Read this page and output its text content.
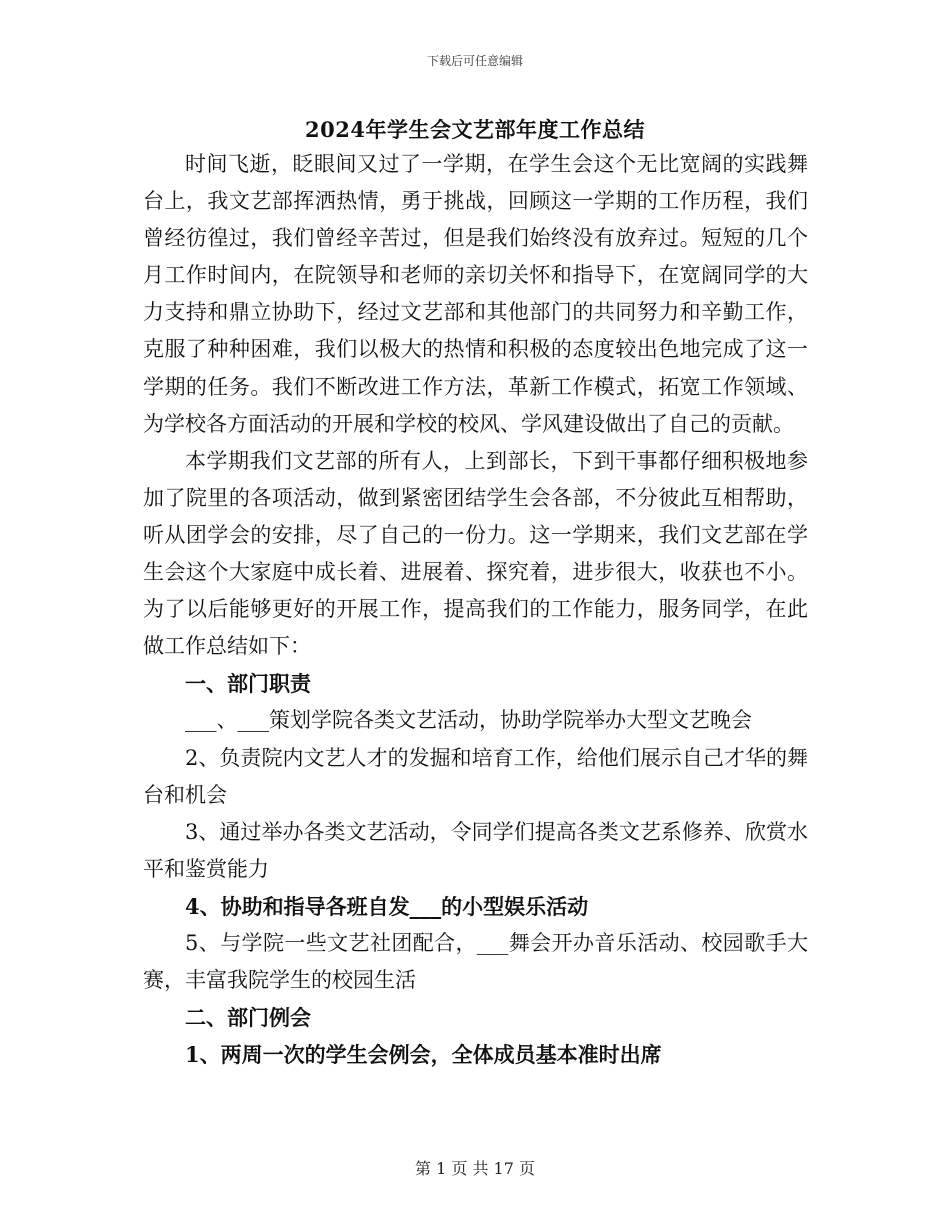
下载后可任意编辑
2024年学生会文艺部年度工作总结

时间飞逝，眨眼间又过了一学期，在学生会这个无比宽阔的实践舞台上，我文艺部挥洒热情，勇于挑战，回顾这一学期的工作历程，我们曾经彷徨过，我们曾经辛苦过，但是我们始终没有放弃过。短短的几个月工作时间内，在院领导和老师的亲切关怀和指导下，在宽阔同学的大力支持和鼎立协助下，经过文艺部和其他部门的共同努力和辛勤工作，克服了种种困难，我们以极大的热情和积极的态度较出色地完成了这一学期的任务。我们不断改进工作方法，革新工作模式，拓宽工作领域、为学校各方面活动的开展和学校的校风、学风建设做出了自己的贡献。

本学期我们文艺部的所有人，上到部长，下到干事都仔细积极地参加了院里的各项活动，做到紧密团结学生会各部，不分彼此互相帮助，听从团学会的安排，尽了自己的一份力。这一学期来，我们文艺部在学生会这个大家庭中成长着、进展着、探究着，进步很大，收获也不小。为了以后能够更好的开展工作，提高我们的工作能力，服务同学，在此做工作总结如下：

一、部门职责

___、___策划学院各类文艺活动，协助学院举办大型文艺晚会

2、负责院内文艺人才的发掘和培育工作，给他们展示自己才华的舞台和机会

3、通过举办各类文艺活动，令同学们提高各类文艺系修养、欣赏水平和鉴赏能力

4、协助和指导各班自发___的小型娱乐活动

5、与学院一些文艺社团配合，___舞会开办音乐活动、校园歌手大赛，丰富我院学生的校园生活

二、部门例会

1、两周一次的学生会例会，全体成员基本准时出席

第 1 页 共 17 页
